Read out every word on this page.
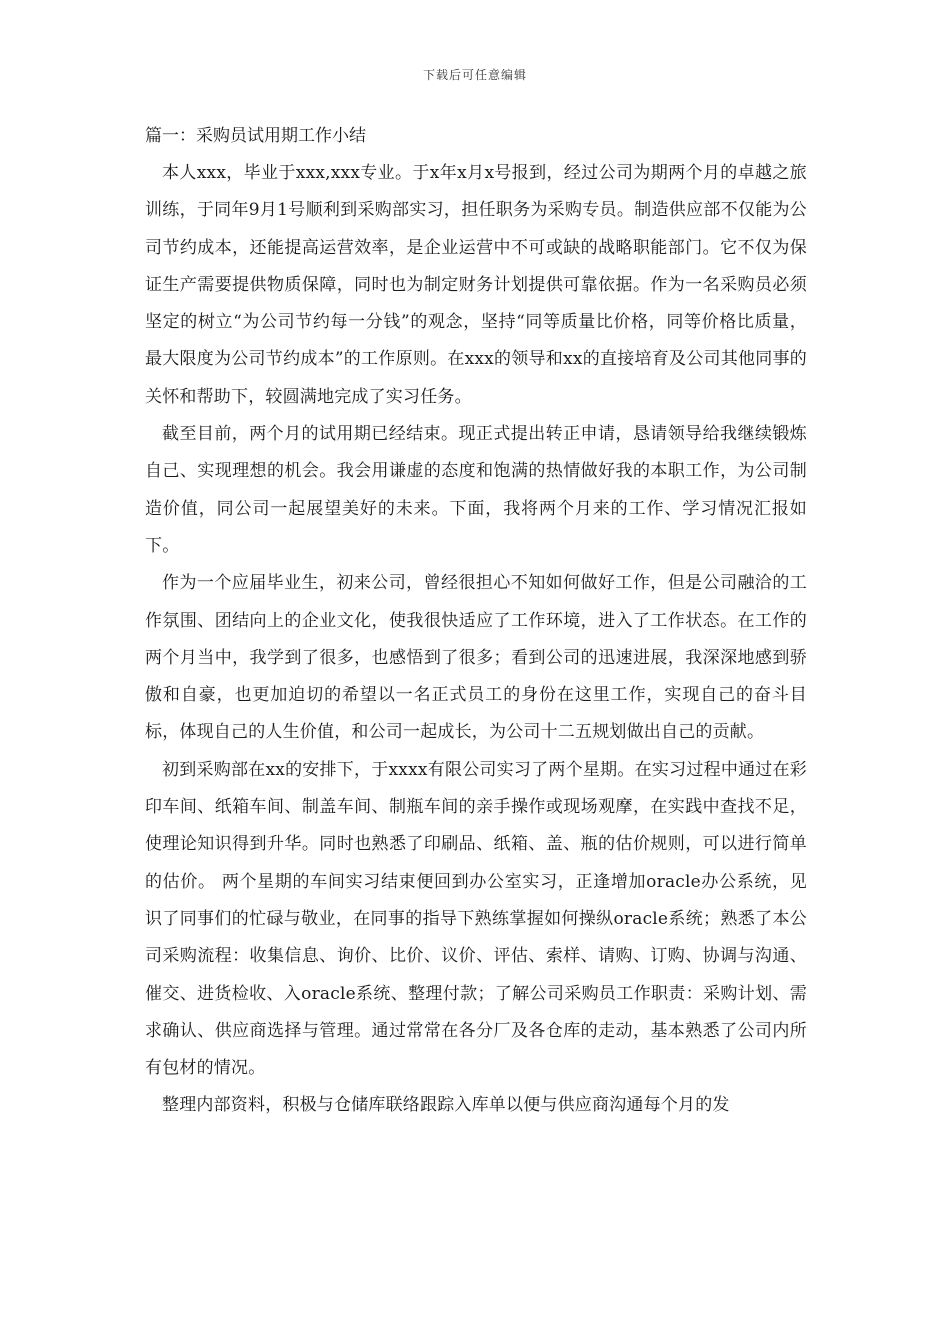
下载后可任意编辑

篇一：采购员试用期工作小结

本人xxx，毕业于xxx,xxx专业。于x年x月x号报到，经过公司为期两个月的卓越之旅训练，于同年9月1号顺利到采购部实习，担任职务为采购专员。制造供应部不仅能为公司节约成本，还能提高运营效率，是企业运营中不可或缺的战略职能部门。它不仅为保证生产需要提供物质保障，同时也为制定财务计划提供可靠依据。作为一名采购员必须坚定的树立“为公司节约每一分钱”的观念，坚持“同等质量比价格，同等价格比质量，最大限度为公司节约成本”的工作原则。在xxx的领导和xx的直接培育及公司其他同事的关怀和帮助下，较圆满地完成了实习任务。

截至目前，两个月的试用期已经结束。现正式提出转正申请，恳请领导给我继续锻炼自己、实现理想的机会。我会用谦虚的态度和饱满的热情做好我的本职工作，为公司制造价值，同公司一起展望美好的未来。下面，我将两个月来的工作、学习情况汇报如下。

作为一个应届毕业生，初来公司，曾经很担心不知如何做好工作，但是公司融洽的工作氛围、团结向上的企业文化，使我很快适应了工作环境，进入了工作状态。在工作的两个月当中，我学到了很多，也感悟到了很多；看到公司的迅速进展，我深深地感到骄傲和自豪，也更加迫切的希望以一名正式员工的身份在这里工作，实现自己的奋斗目标，体现自己的人生价值，和公司一起成长，为公司十二五规划做出自己的贡献。

初到采购部在xx的安排下，于xxxx有限公司实习了两个星期。在实习过程中通过在彩印车间、纸箱车间、制盖车间、制瓶车间的亲手操作或现场观摩，在实践中查找不足，使理论知识得到升华。同时也熟悉了印刷品、纸箱、盖、瓶的估价规则，可以进行简单的估价。 两个星期的车间实习结束便回到办公室实习，正逢增加oracle办公系统，见识了同事们的忙碌与敬业，在同事的指导下熟练掌握如何操纵oracle系统；熟悉了本公司采购流程：收集信息、询价、比价、议价、评估、索样、请购、订购、协调与沟通、催交、进货检收、入oracle系统、整理付款；了解公司采购员工作职责：采购计划、需求确认、供应商选择与管理。通过常常在各分厂及各仓库的走动，基本熟悉了公司内所有包材的情况。

整理内部资料，积极与仓储库联络跟踪入库单以便与供应商沟通每个月的发
